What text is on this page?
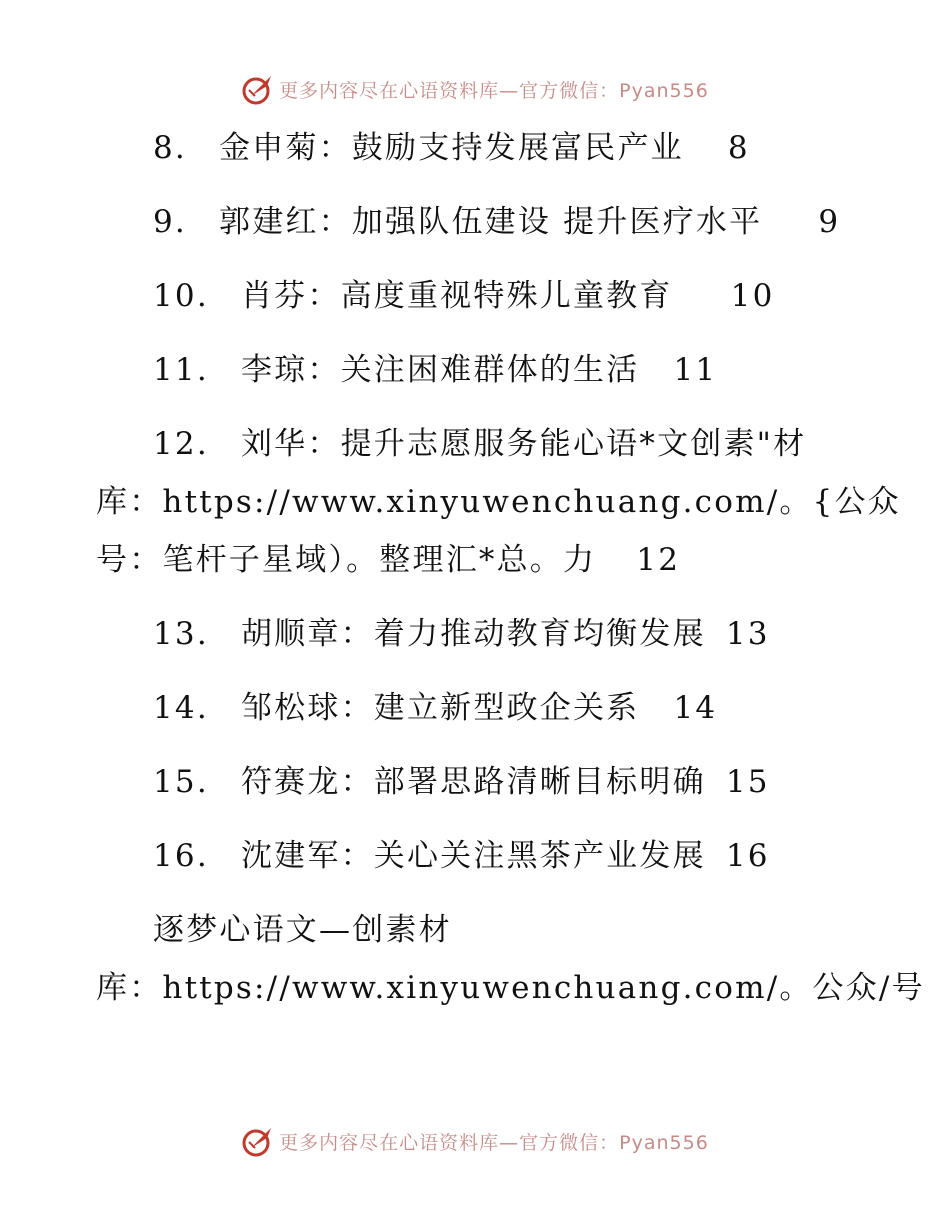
更多内容尽在心语资料库—官方微信：Pyan556
8. 金申菊：鼓励支持发展富民产业 8
9. 郭建红：加强队伍建设 提升医疗水平 9
10. 肖芬：高度重视特殊儿童教育 10
11. 李琼：关注困难群体的生活 11
12. 刘华：提升志愿服务能心语*文创素"材
库：https://www.xinyuwenchuang.com/。{公众
号：笔杆子星域）。整理汇*总。力 12
13. 胡顺章：着力推动教育均衡发展 13
14. 邹松球：建立新型政企关系 14
15. 符赛龙：部署思路清晰目标明确 15
16. 沈建军：关心关注黑茶产业发展 16
逐梦心语文—创素材
库：https://www.xinyuwenchuang.com/。公众/号
更多内容尽在心语资料库—官方微信：Pyan556
